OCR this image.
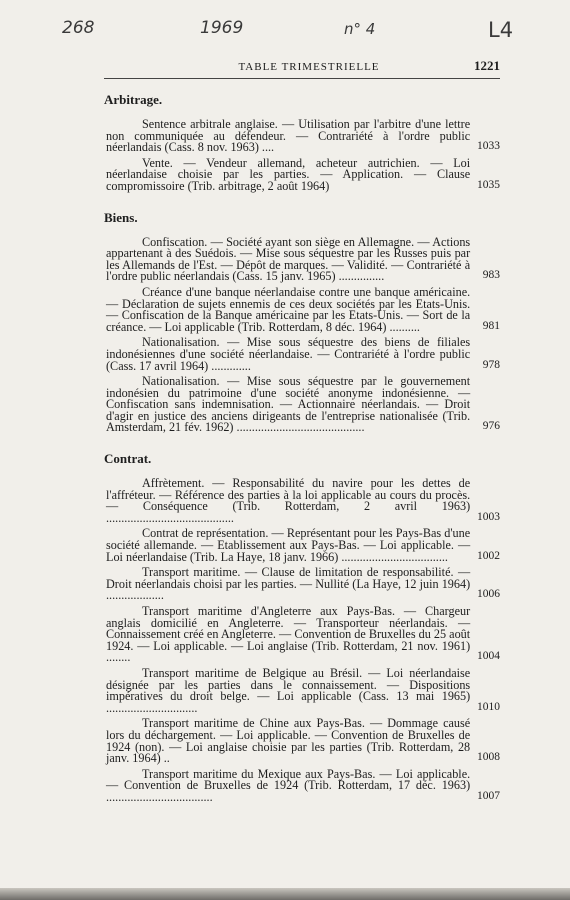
268	1969	n° 4	L4
TABLE TRIMESTRIELLE	1221
Arbitrage.
Sentence arbitrale anglaise. — Utilisation par l'arbitre d'une lettre non communiquée au défendeur. — Contrariété à l'ordre public néerlandais (Cass. 8 nov. 1963) ....	1033
Vente. — Vendeur allemand, acheteur autrichien. — Loi néerlandaise choisie par les parties. — Application. — Clause compromissoire (Trib. arbitrage, 2 août 1964)	1035
Biens.
Confiscation. — Société ayant son siège en Allemagne. — Actions appartenant à des Suédois. — Mise sous séquestre par les Russes puis par les Allemands de l'Est. — Dépôt de marques. — Validité. — Contrariété à l'ordre public néerlandais (Cass. 15 janv. 1965) ...............	983
Créance d'une banque néerlandaise contre une banque américaine. — Déclaration de sujets ennemis de ces deux sociétés par les Etats-Unis. — Confiscation de la Banque américaine par les Etats-Unis. — Sort de la créance. — Loi applicable (Trib. Rotterdam, 8 déc. 1964) ..........	981
Nationalisation. — Mise sous séquestre des biens de filiales indonésiennes d'une société néerlandaise. — Contrariété à l'ordre public (Cass. 17 avril 1964) .............	978
Nationalisation. — Mise sous séquestre par le gouvernement indonésien du patrimoine d'une société anonyme indonésienne. — Confiscation sans indemnisation. — Actionnaire néerlandais. — Droit d'agir en justice des anciens dirigeants de l'entreprise nationalisée (Trib. Amsterdam, 21 fév. 1962) ..........................................	976
Contrat.
Affrètement. — Responsabilité du navire pour les dettes de l'affréteur. — Référence des parties à la loi applicable au cours du procès. — Conséquence (Trib. Rotterdam, 2 avril 1963) ..........................................	1003
Contrat de représentation. — Représentant pour les Pays-Bas d'une société allemande. — Etablissement aux Pays-Bas. — Loi applicable. — Loi néerlandaise (Trib. La Haye, 18 janv. 1966) ...................................	1002
Transport maritime. — Clause de limitation de responsabilité. — Droit néerlandais choisi par les parties. — Nullité (La Haye, 12 juin 1964) ...................	1006
Transport maritime d'Angleterre aux Pays-Bas. — Chargeur anglais domicilié en Angleterre. — Transporteur néerlandais. — Connaissement créé en Angleterre. — Convention de Bruxelles du 25 août 1924. — Loi applicable. — Loi anglaise (Trib. Rotterdam, 21 nov. 1961) ........	1004
Transport maritime de Belgique au Brésil. — Loi néerlandaise désignée par les parties dans le connaissement. — Dispositions impératives du droit belge. — Loi applicable (Cass. 13 mai 1965) ..............................	1010
Transport maritime de Chine aux Pays-Bas. — Dommage causé lors du déchargement. — Loi applicable. — Convention de Bruxelles de 1924 (non). — Loi anglaise choisie par les parties (Trib. Rotterdam, 28 janv. 1964) ..	1008
Transport maritime du Mexique aux Pays-Bas. — Loi applicable. — Convention de Bruxelles de 1924 (Trib. Rotterdam, 17 déc. 1963) ...................................	1007
